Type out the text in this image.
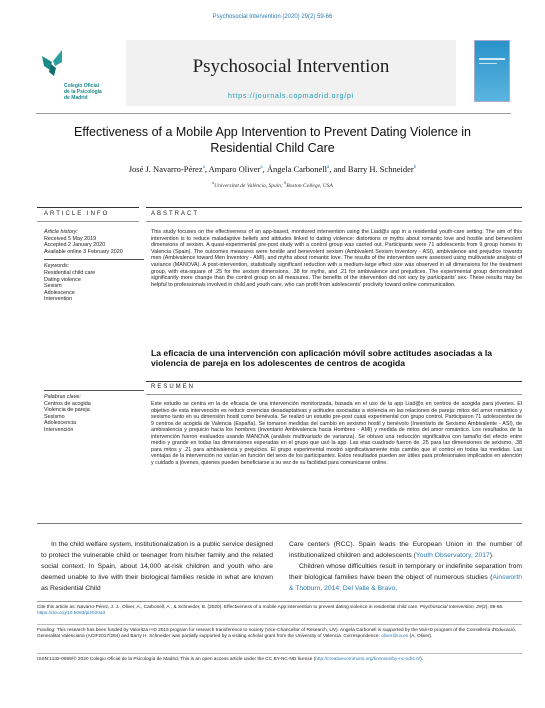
Psychosocial Intervention (2020) 29(2) 59-66
Colegio Oficial
de la Psicología
de Madrid
Psychosocial Intervention
https://journals.copmadrid.org/pi
Effectiveness of a Mobile App Intervention to Prevent Dating Violence in
Residential Child Care
José J. Navarro-Pérez$^a$, Amparo Oliver$^a$, Ángela Carbonell$^a$, and Barry H. Schneider$^b$
$^a$Universitat de València, Spain; $^b$Boston College, USA
ARTICLE INFO
Article history:
Received 5 May 2019
Accepted 2 January 2020
Available online 3 February 2020
Keywords:
Residential child care
Dating violence
Sexism
Adolescence
Intervention
Palabras clave:
Centros de acogida
Violencia de pareja
Sexismo
Adolescencia
Intervención
ABSTRACT
This study focuses on the effectiveness of an app-based, monitored intervention using the Liad@s app in a residential youth-care setting. The aim of this intervention is to reduce maladaptive beliefs and attitudes linked to dating violence: distortions or myths about romantic love and hostile and benevolent dimensions of sexism. A quasi-experimental pre-post study with a control group was carried out. Participants were 71 adolescents from 9 group homes in Valencia (Spain). The outcomes measures were hostile and benevolent sexism (Ambivalent Sexism Inventory - ASI), ambivalence and prejudice towards men (Ambivalence toward Men Inventory - AMI), and myths about romantic love. The results of the intervention were assessed using multivariate analysis of variance (MANOVA). A post-intervention, statistically significant reduction with a medium-large effect size was observed in all dimensions for the treatment group, with eta-square of .25 for the sexism dimensions, .38 for myths, and .21 for ambivalence and prejudices. The experimental group demonstrated significantly more change than the control group on all measures. The benefits of the intervention did not vary by participants' sex. These results may be helpful to professionals involved in child and youth care, who can profit from adolescents' proclivity toward online communication.
La eficacia de una intervención con aplicación móvil sobre actitudes asociadas a la violencia de pareja en los adolescentes de centros de acogida
RESUMEN
Este estudio se centra en la de eficacia de una intervención monitorizada, basada en el uso de la app Liad@s en centros de acogida para jóvenes. El objetivo de esta intervención es reducir creencias desadaptativas y actitudes asociadas a violencia en las relaciones de pareja: mitos del amor romántico y sexismo tanto en su dimensión hostil como benévola. Se realizó un estudio pre-post cuasi experimental con grupo control. Participaron 71 adolescentes de 9 centros de acogida de Valencia (España). Se tomaron medidas del cambio en sexismo hostil y benévolo (Inventario de Sexismo Ambivalente - ASI), de ambivalencia y prejuicio hacia los hombres (Inventario Ambivalencia hacia Hombres - AMI) y medida de mitos del amor romántico. Los resultados de la intervención fueron evaluados usando MANOVA (análisis multivariado de varianza). Se obtuvo una reducción significativa con tamaño del efecto entre medio y grande en todas las dimensiones esperadas en el grupo que usó la app. Las etas cuadrado fueron de .25 para las dimensiones de sexismo, .38 para mitos y .21 para ambivalencia y prejuicios. El grupo experimental mostró significativamente más cambio que el control en todas las medidas. Las ventajas de la intervención no varían en función del sexo de los participantes. Estos resultados pueden ser útiles para profesionales implicados en atención y cuidado a jóvenes, quienes pueden beneficiarse a su vez de su facilidad para comunicarse online.
In the child welfare system, institutionalization is a public service designed to protect the vulnerable child or teenager from his/her family and the related social context. In Spain, about 14,000 at-risk children and youth who are deemed unable to live with their biological families reside in what are known as Residential Child
Care centers (RCC). Spain leads the European Union in the number of institutionalized children and adolescents (Youth Observatory, 2017).
Children whose difficulties result in temporary or indefinite separation from their biological families have been the object of numerous studies (Ainsworth & Thoburn, 2014; Del Valle & Bravo,
Cite this article as: Navarro-Pérez, J. J., Oliver, A., Carbonell, A., & Schneider, B. (2020). Effectiveness of a mobile App intervention to prevent dating violence in residential child care. Psychosocial Intervention, 29(2), 59-66. https://doi.org/10.5093/pi2020a3
Funding: This research has been funded by Valoritza I+D 2015 program for research transference to society (Vice-Chancellor of Research, UV). Angela Carbonell is supported by the Vali+D program of the Conselleria d'Educació, Generalitat Valenciana (ACIF2017/284) and Barry H. Schneider was partially supported by a visiting scholar grant from the University of Valencia. Correspondence: oliver@uv.es (A. Oliver).
ISSN:1132-0559/© 2020 Colegio Oficial de la Psicología de Madrid. This is an open access article under the CC BY-NC-ND license (http://creativecommons.org/licenses/by-nc-nd/4.0/).
